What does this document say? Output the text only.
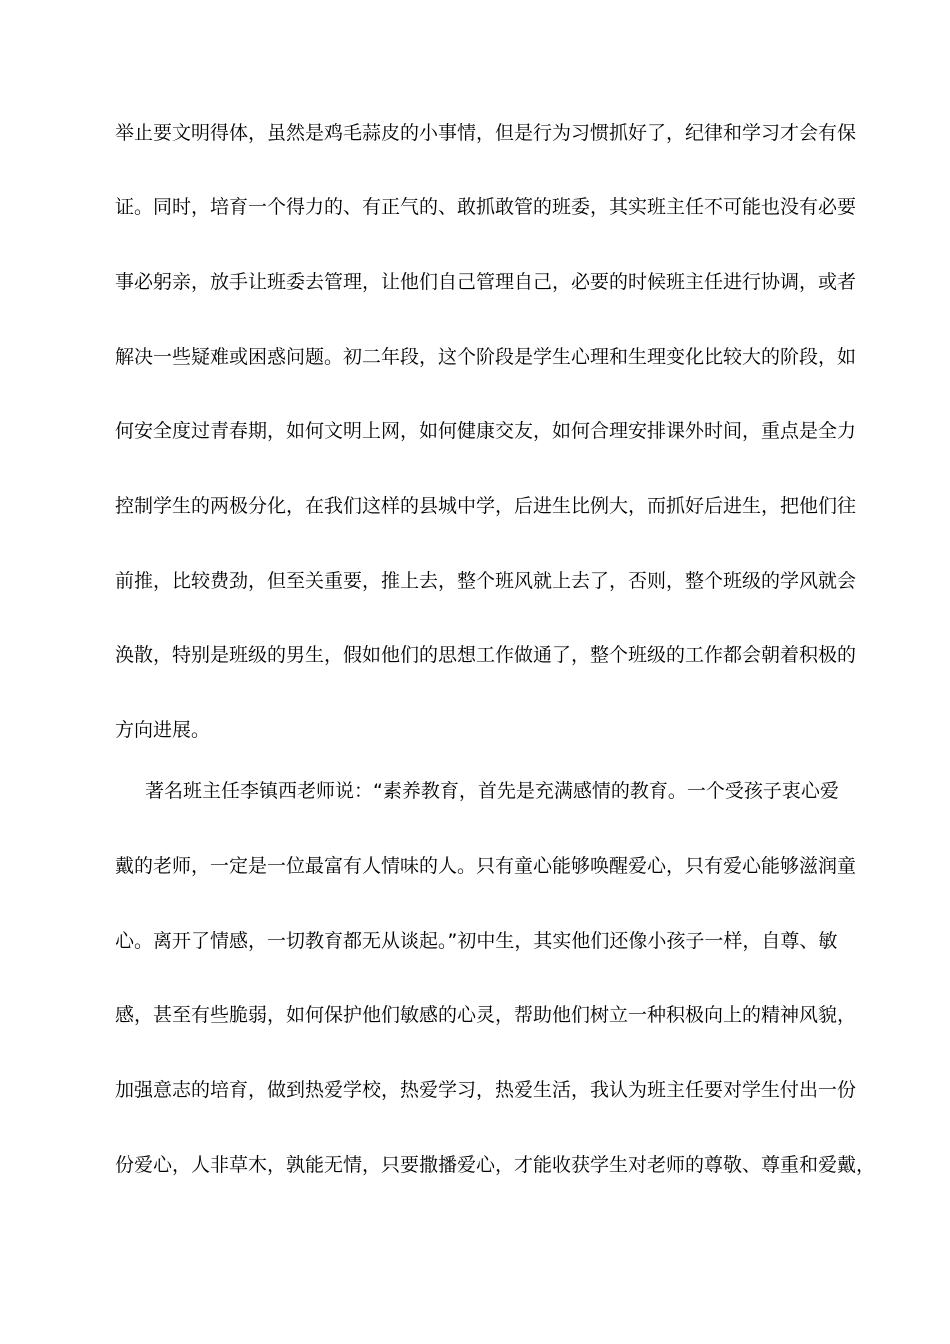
举止要文明得体，虽然是鸡毛蒜皮的小事情，但是行为习惯抓好了，纪律和学习才会有保
证。同时，培育一个得力的、有正气的、敢抓敢管的班委，其实班主任不可能也没有必要
事必躬亲，放手让班委去管理，让他们自己管理自己，必要的时候班主任进行协调，或者
解决一些疑难或困惑问题。初二年段，这个阶段是学生心理和生理变化比较大的阶段，如
何安全度过青春期，如何文明上网，如何健康交友，如何合理安排课外时间，重点是全力
控制学生的两极分化，在我们这样的县城中学，后进生比例大，而抓好后进生，把他们往
前推，比较费劲，但至关重要，推上去，整个班风就上去了，否则，整个班级的学风就会
涣散，特别是班级的男生，假如他们的思想工作做通了，整个班级的工作都会朝着积极的
方向进展。
著名班主任李镇西老师说：“素养教育，首先是充满感情的教育。一个受孩子衷心爱
戴的老师，一定是一位最富有人情味的人。只有童心能够唤醒爱心，只有爱心能够滋润童
心。离开了情感，一切教育都无从谈起。”初中生，其实他们还像小孩子一样，自尊、敏
感，甚至有些脆弱，如何保护他们敏感的心灵，帮助他们树立一种积极向上的精神风貌，
加强意志的培育，做到热爱学校，热爱学习，热爱生活，我认为班主任要对学生付出一份
份爱心，人非草木，孰能无情，只要撒播爱心，才能收获学生对老师的尊敬、尊重和爱戴，
